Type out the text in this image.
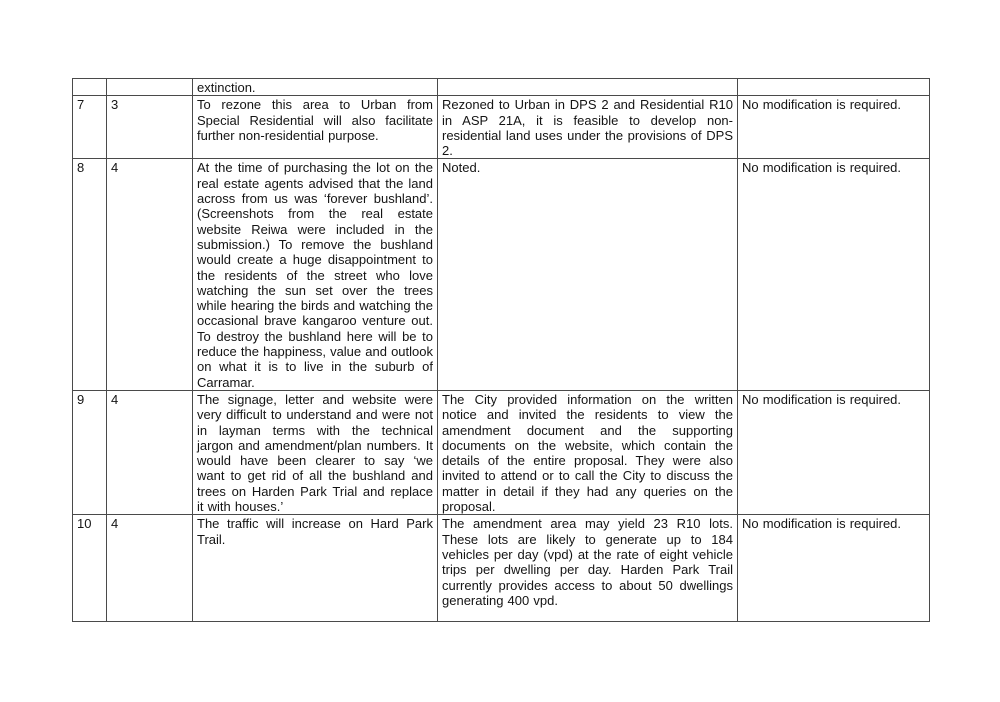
		extinction.		
7	3	To rezone this area to Urban from Special Residential will also facilitate further non-residential purpose.	Rezoned to Urban in DPS 2 and Residential R10 in ASP 21A, it is feasible to develop non-residential land uses under the provisions of DPS 2.	No modification is required.
8	4	At the time of purchasing the lot on the real estate agents advised that the land across from us was ‘forever bushland’. (Screenshots from the real estate website Reiwa were included in the submission.) To remove the bushland would create a huge disappointment to the residents of the street who love watching the sun set over the trees while hearing the birds and watching the occasional brave kangaroo venture out. To destroy the bushland here will be to reduce the happiness, value and outlook on what it is to live in the suburb of Carramar.	Noted.	No modification is required.
9	4	The signage, letter and website were very difficult to understand and were not in layman terms with the technical jargon and amendment/plan numbers. It would have been clearer to say ‘we want to get rid of all the bushland and trees on Harden Park Trial and replace it with houses.’	The City provided information on the written notice and invited the residents to view the amendment document and the supporting documents on the website, which contain the details of the entire proposal. They were also invited to attend or to call the City to discuss the matter in detail if they had any queries on the proposal.	No modification is required.
10	4	The traffic will increase on Hard Park Trail.	The amendment area may yield 23 R10 lots. These lots are likely to generate up to 184 vehicles per day (vpd) at the rate of eight vehicle trips per dwelling per day. Harden Park Trail currently provides access to about 50 dwellings generating 400 vpd.	No modification is required.
